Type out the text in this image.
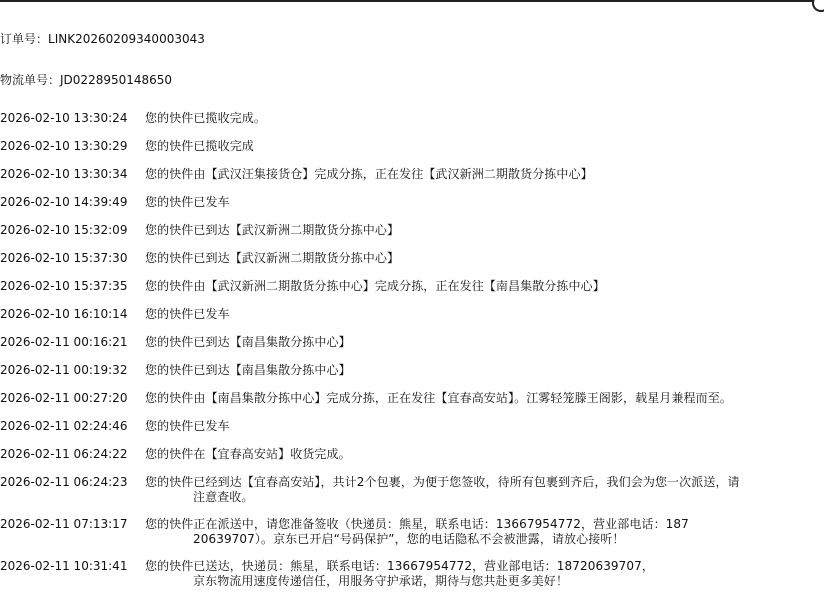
订单号：LINK20260209340003043
物流单号：JD0228950148650
2026-02-10 13:30:24	您的快件已揽收完成。
2026-02-10 13:30:29	您的快件已揽收完成
2026-02-10 13:30:34	您的快件由【武汉汪集接货仓】完成分拣，正在发往【武汉新洲二期散货分拣中心】
2026-02-10 14:39:49	您的快件已发车
2026-02-10 15:32:09	您的快件已到达【武汉新洲二期散货分拣中心】
2026-02-10 15:37:30	您的快件已到达【武汉新洲二期散货分拣中心】
2026-02-10 15:37:35	您的快件由【武汉新洲二期散货分拣中心】完成分拣，正在发往【南昌集散分拣中心】
2026-02-10 16:10:14	您的快件已发车
2026-02-11 00:16:21	您的快件已到达【南昌集散分拣中心】
2026-02-11 00:19:32	您的快件已到达【南昌集散分拣中心】
2026-02-11 00:27:20	您的快件由【南昌集散分拣中心】完成分拣，正在发往【宜春高安站】。江雾轻笼滕王阁影，载星月兼程而至。
2026-02-11 02:24:46	您的快件已发车
2026-02-11 06:24:22	您的快件在【宜春高安站】收货完成。
2026-02-11 06:24:23	您的快件已经到达【宜春高安站】，共计2个包裹，为便于您签收，待所有包裹到齐后，我们会为您一次派送，请

注意查收。
2026-02-11 07:13:17	您的快件正在派送中，请您准备签收（快递员：熊星，联系电话：13667954772，营业部电话：187

20639707）。京东已开启“号码保护”，您的电话隐私不会被泄露，请放心接听！
2026-02-11 10:31:41	您的快件已送达，快递员：熊星，联系电话：13667954772，营业部电话：18720639707，

京东物流用速度传递信任，用服务守护承诺，期待与您共赴更多美好！
